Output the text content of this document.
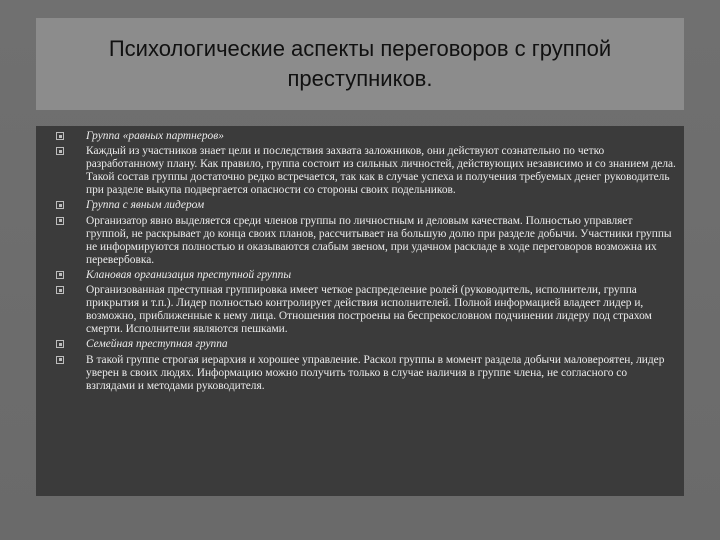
Психологические аспекты переговоров с группой преступников.
Группа «равных партнеров»
Каждый из участников знает цели и последствия захвата заложников, они действуют сознательно по четко разработанному плану. Как правило, группа состоит из сильных личностей, действующих независимо и со знанием дела. Такой состав группы достаточно редко встречается, так как в случае успеха и получения требуемых денег руководитель при разделе выкупа подвергается опасности со стороны своих подельников.
Группа с явным лидером
Организатор явно выделяется среди членов группы по личностным и деловым качествам. Полностью управляет группой, не раскрывает до конца своих планов, рассчитывает на большую долю при разделе добычи. Участники группы не информируются полностью и оказываются слабым звеном, при удачном раскладе в ходе переговоров возможна их перевербовка.
Клановая организация преступной группы
Организованная преступная группировка имеет четкое распределение ролей (руководитель, исполнители, группа прикрытия и т.п.). Лидер полностью контролирует действия исполнителей. Полной информацией владеет лидер и, возможно, приближенные к нему лица. Отношения построены на беспрекословном подчинении лидеру под страхом смерти. Исполнители являются пешками.
Семейная преступная группа
В такой группе строгая иерархия и хорошее управление. Раскол группы в момент раздела добычи маловероятен, лидер уверен в своих людях. Информацию можно получить только в случае наличия в группе члена, не согласного со взглядами и методами руководителя.
